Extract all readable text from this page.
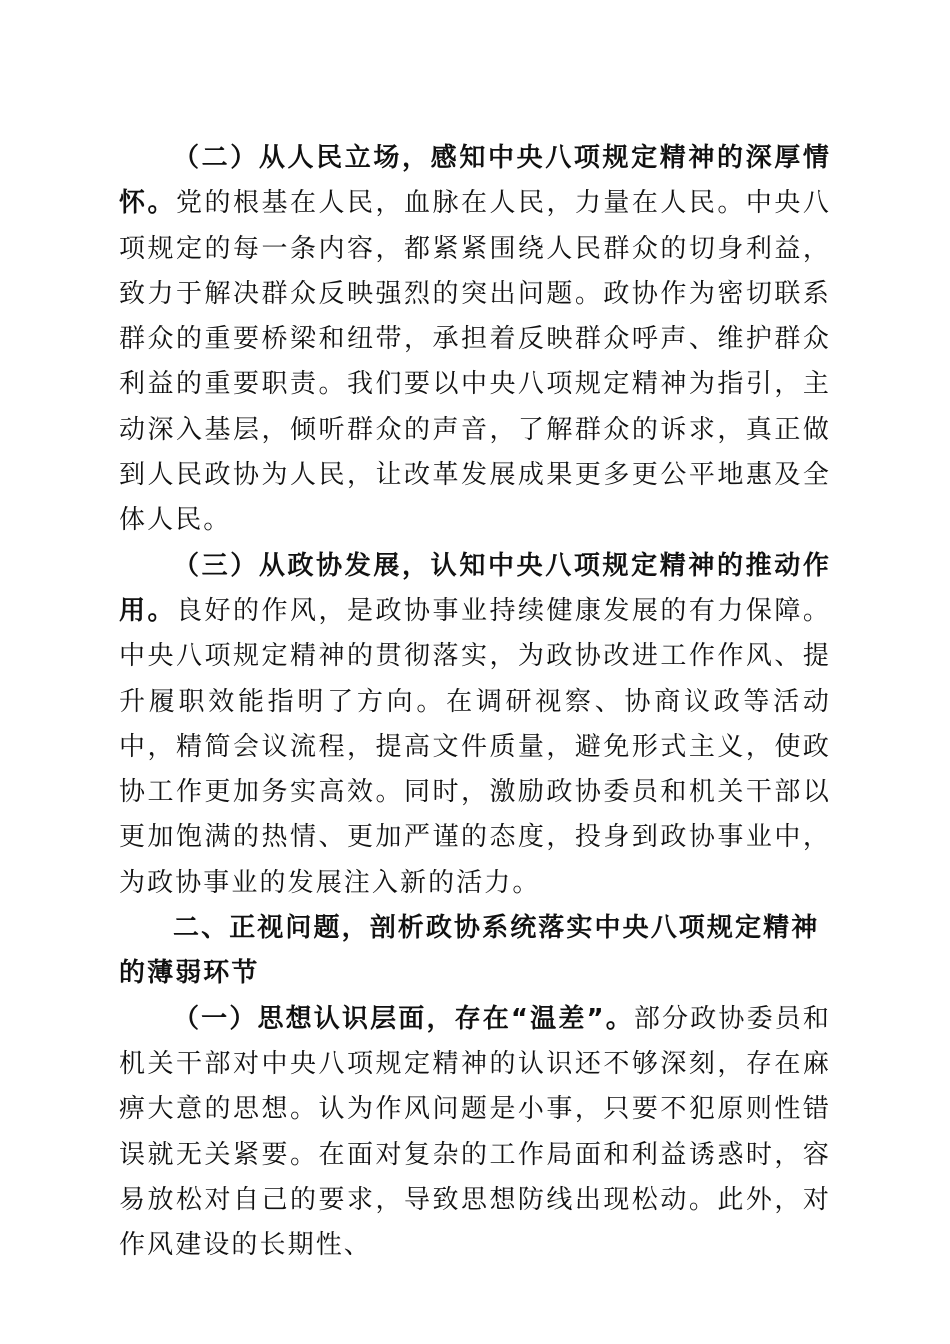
（二）从人民立场，感知中央八项规定精神的深厚情怀。党的根基在人民，血脉在人民，力量在人民。中央八项规定的每一条内容，都紧紧围绕人民群众的切身利益，致力于解决群众反映强烈的突出问题。政协作为密切联系群众的重要桥梁和纽带，承担着反映群众呼声、维护群众利益的重要职责。我们要以中央八项规定精神为指引，主动深入基层，倾听群众的声音，了解群众的诉求，真正做到人民政协为人民，让改革发展成果更多更公平地惠及全体人民。

（三）从政协发展，认知中央八项规定精神的推动作用。良好的作风，是政协事业持续健康发展的有力保障。中央八项规定精神的贯彻落实，为政协改进工作作风、提升履职效能指明了方向。在调研视察、协商议政等活动中，精简会议流程，提高文件质量，避免形式主义，使政协工作更加务实高效。同时，激励政协委员和机关干部以更加饱满的热情、更加严谨的态度，投身到政协事业中，为政协事业的发展注入新的活力。

二、正视问题，剖析政协系统落实中央八项规定精神的薄弱环节

（一）思想认识层面，存在“温差”。部分政协委员和机关干部对中央八项规定精神的认识还不够深刻，存在麻痹大意的思想。认为作风问题是小事，只要不犯原则性错误就无关紧要。在面对复杂的工作局面和利益诱惑时，容易放松对自己的要求，导致思想防线出现松动。此外，对作风建设的长期性、
